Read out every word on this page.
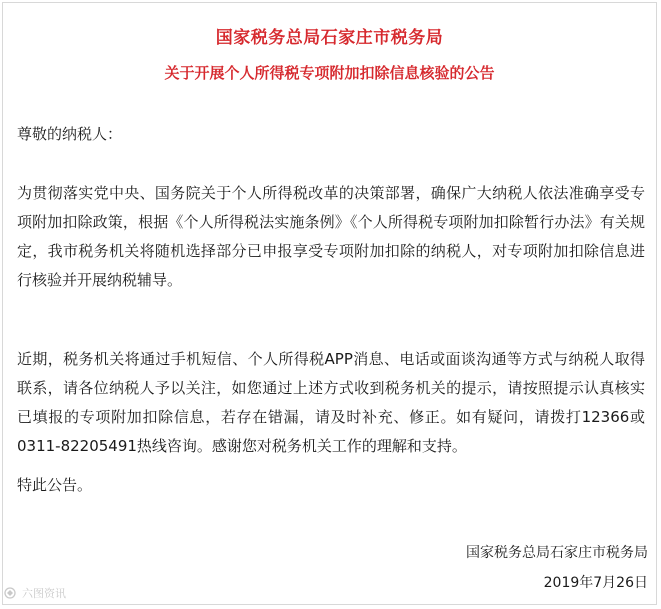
国家税务总局石家庄市税务局
关于开展个人所得税专项附加扣除信息核验的公告
尊敬的纳税人：

为贯彻落实党中央、国务院关于个人所得税改革的决策部署，确保广大纳税人依法准确享受专项附加扣除政策，根据《个人所得税法实施条例》《个人所得税专项附加扣除暂行办法》有关规定，我市税务机关将随机选择部分已申报享受专项附加扣除的纳税人，对专项附加扣除信息进行核验并开展纳税辅导。

近期，税务机关将通过手机短信、个人所得税APP消息、电话或面谈沟通等方式与纳税人取得联系，请各位纳税人予以关注，如您通过上述方式收到税务机关的提示，请按照提示认真核实已填报的专项附加扣除信息，若存在错漏，请及时补充、修正。如有疑问，请拨打12366或0311-82205491热线咨询。感谢您对税务机关工作的理解和支持。

特此公告。
国家税务总局石家庄市税务局
2019年7月26日
六图资讯
